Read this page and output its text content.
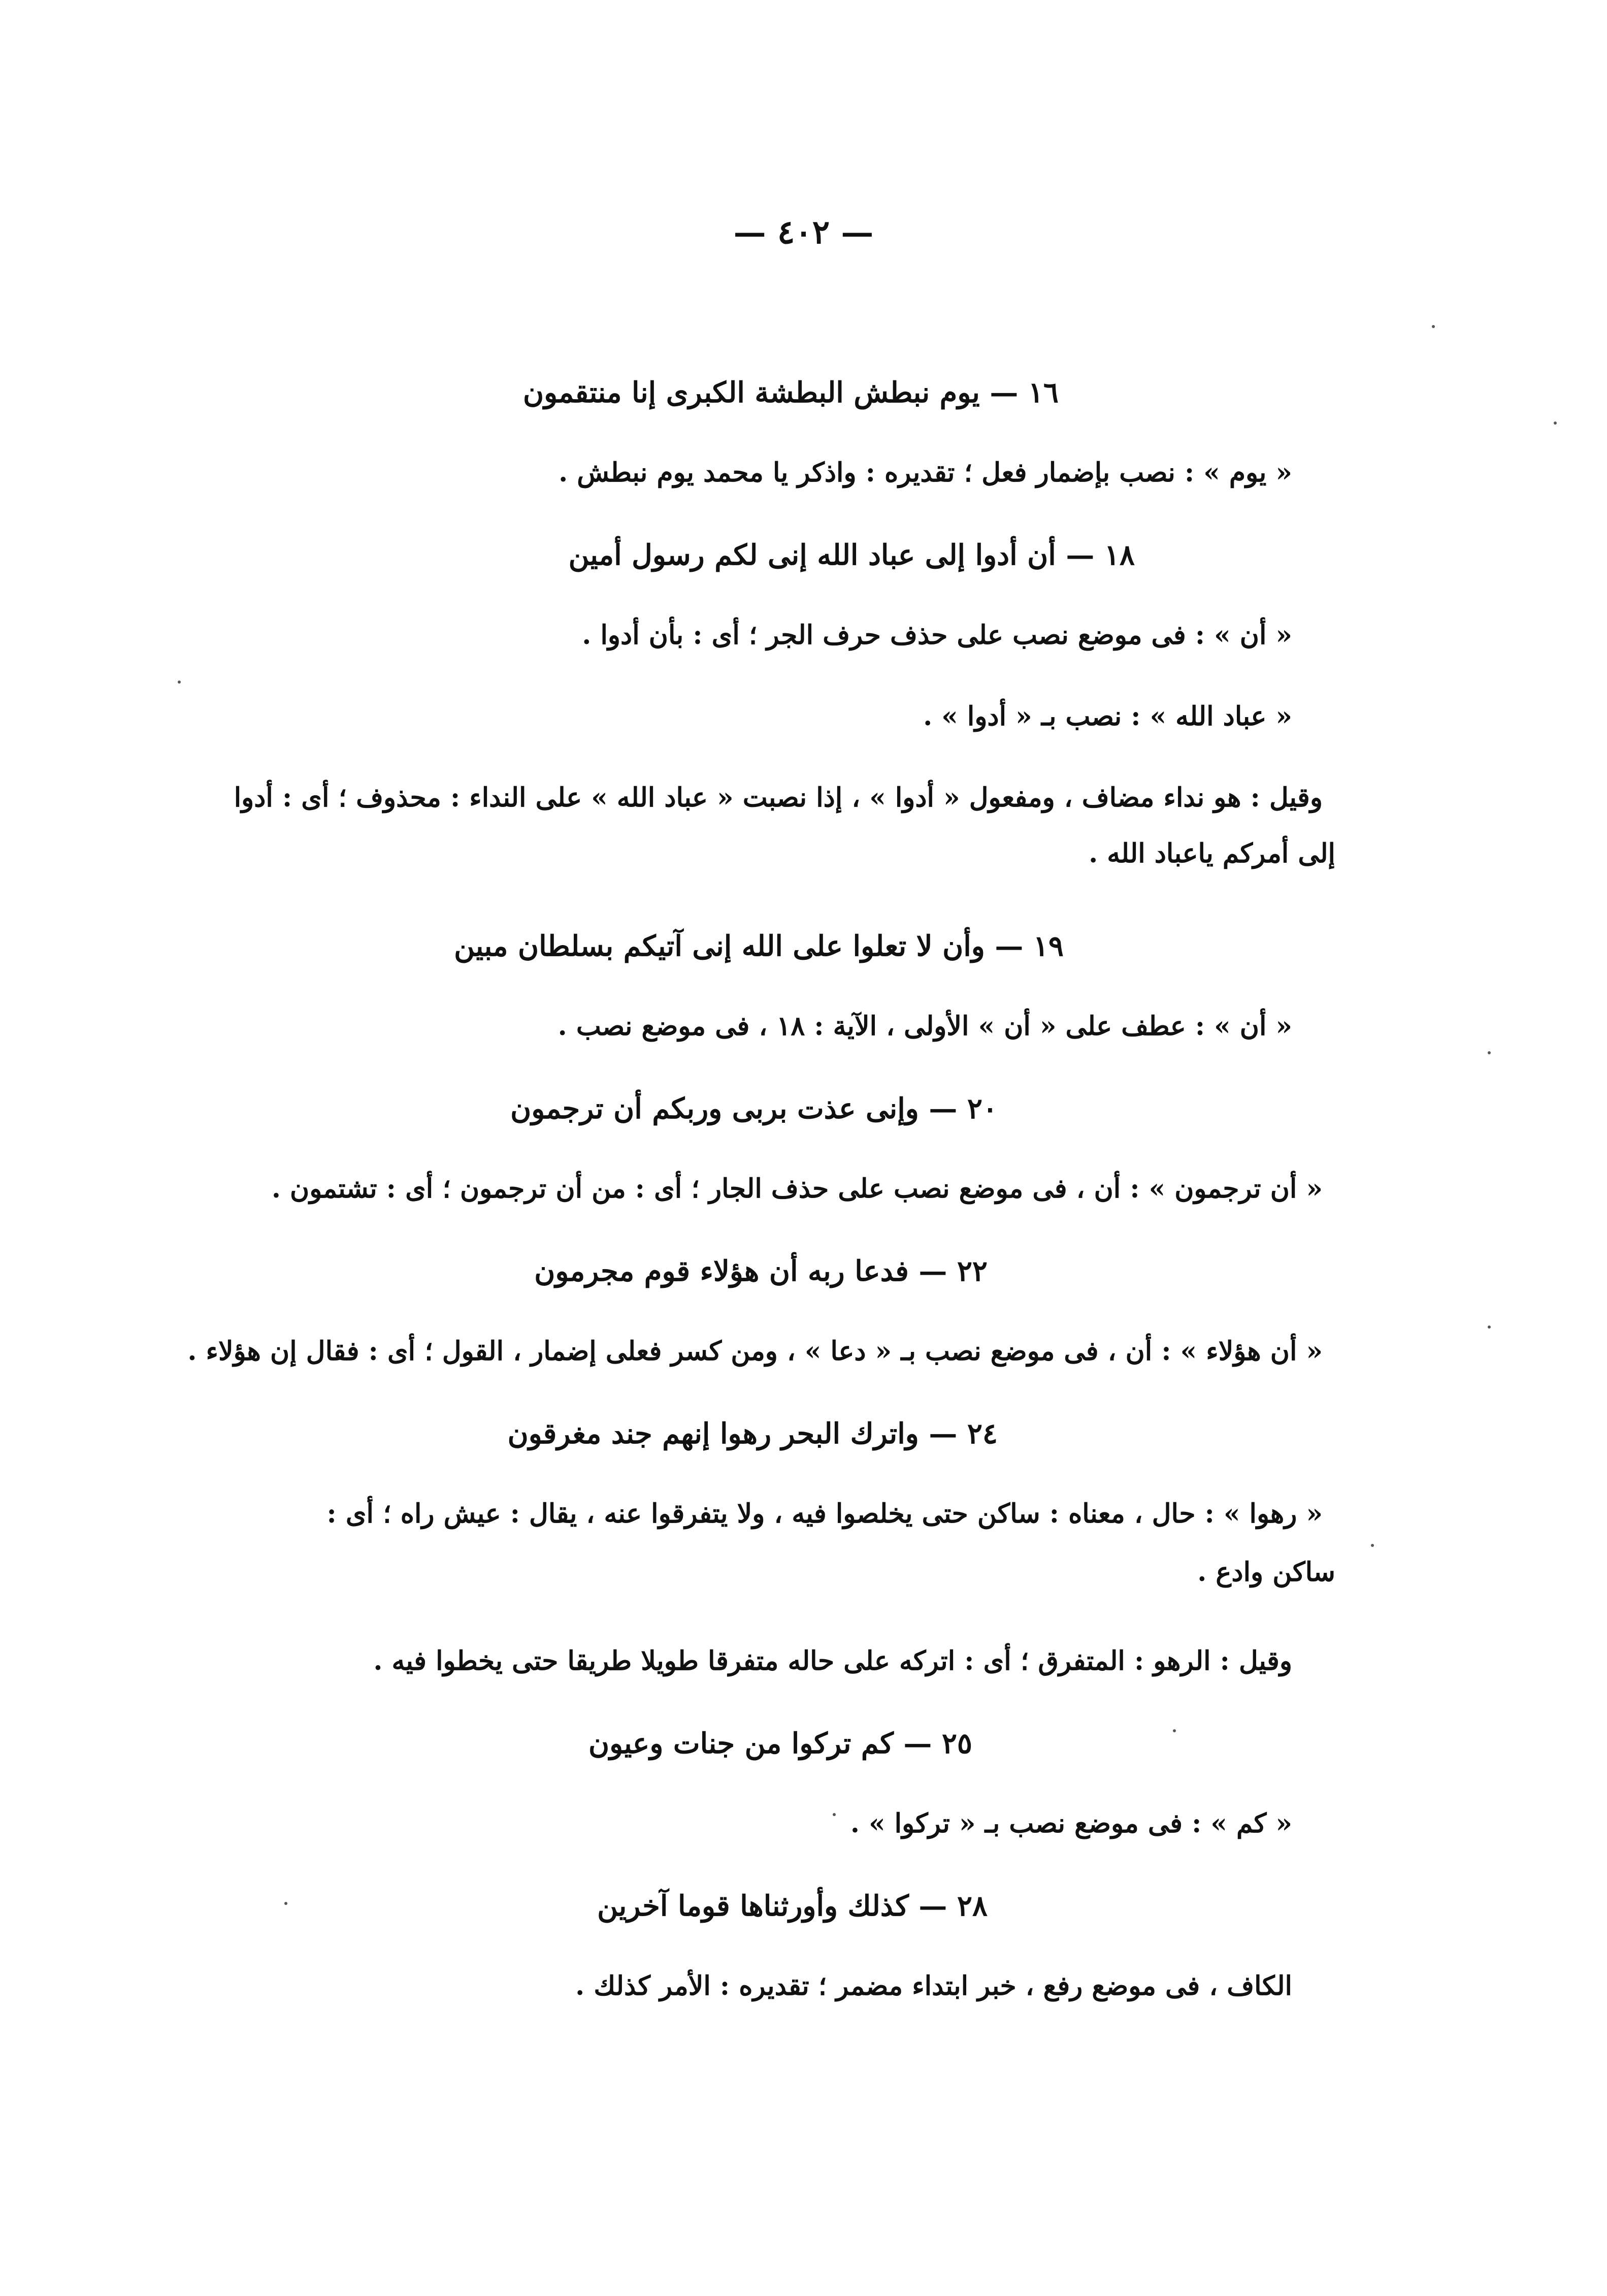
— ٤٠٢ —
١٦ — يوم نبطش البطشة الكبرى إنا منتقمون
« يوم » : نصب بإضمار فعل ؛ تقديره : واذكر يا محمد يوم نبطش .
١٨ — أن أدوا إلى عباد الله إنى لكم رسول أمين
« أن » : فى موضع نصب على حذف حرف الجر ؛ أى : بأن أدوا .
« عباد الله » : نصب بـ « أدوا » .
وقيل : هو نداء مضاف ، ومفعول « أدوا » ، إذا نصبت « عباد الله » على النداء : محذوف ؛ أى : أدوا
إلى أمركم ياعباد الله .
١٩ — وأن لا تعلوا على الله إنى آتيكم بسلطان مبين
« أن » : عطف على « أن » الأولى ، الآية : ١٨ ، فى موضع نصب .
٢٠ — وإنى عذت بربى وربكم أن ترجمون
« أن ترجمون » : أن ، فى موضع نصب على حذف الجار ؛ أى : من أن ترجمون ؛ أى : تشتمون .
٢٢ — فدعا ربه أن هؤلاء قوم مجرمون
« أن هؤلاء » : أن ، فى موضع نصب بـ « دعا » ، ومن كسر فعلى إضمار ، القول ؛ أى : فقال إن هؤلاء .
٢٤ — واترك البحر رهوا إنهم جند مغرقون
« رهوا » : حال ، معناه : ساكن حتى يخلصوا فيه ، ولا يتفرقوا عنه ، يقال : عيش راه ؛ أى :
ساكن وادع .
وقيل : الرهو : المتفرق ؛ أى : اتركه على حاله متفرقا طويلا طريقا حتى يخطوا فيه .
٢٥ — كم تركوا من جنات وعيون
« كم » : فى موضع نصب بـ « تركوا » .
٢٨ — كذلك وأورثناها قوما آخرين
الكاف ، فى موضع رفع ، خبر ابتداء مضمر ؛ تقديره : الأمر كذلك .
